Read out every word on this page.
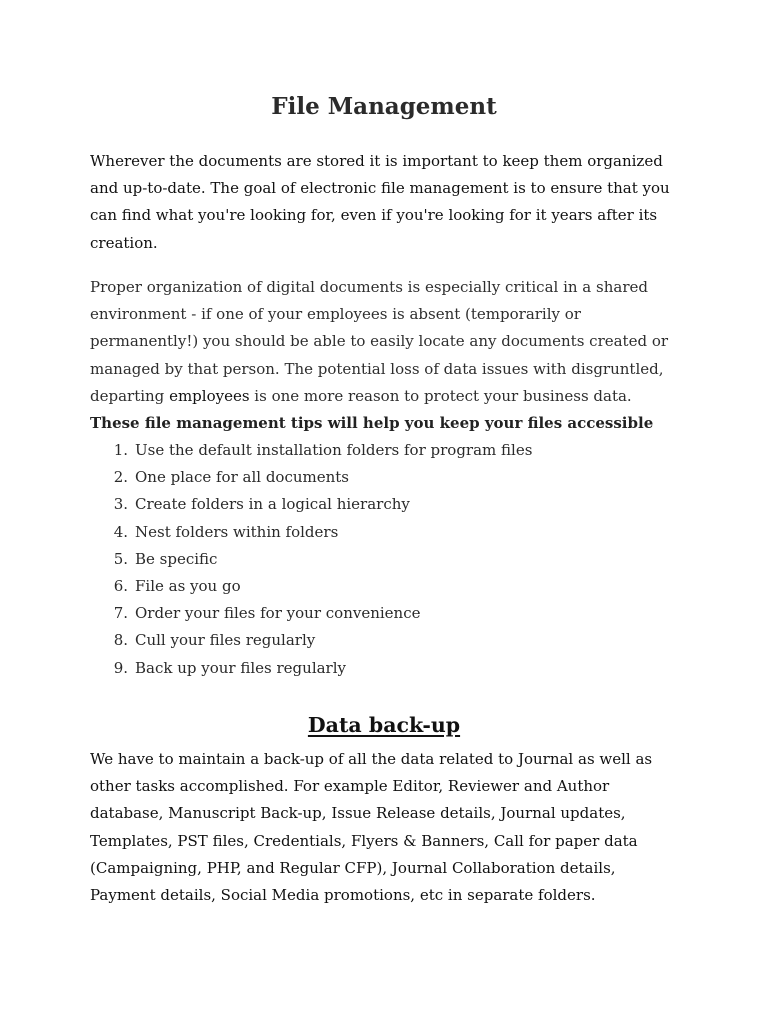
File Management

Wherever the documents are stored it is important to keep them organized
and up-to-date. The goal of electronic file management is to ensure that you
can find what you're looking for, even if you're looking for it years after its
creation.

Proper organization of digital documents is especially critical in a shared
environment - if one of your employees is absent (temporarily or
permanently!) you should be able to easily locate any documents created or
managed by that person. The potential loss of data issues with disgruntled,
departing employees is one more reason to protect your business data.

These file management tips will help you keep your files accessible

1. Use the default installation folders for program files
2. One place for all documents
3. Create folders in a logical hierarchy
4. Nest folders within folders
5. Be specific
6. File as you go
7. Order your files for your convenience
8. Cull your files regularly
9. Back up your files regularly
Data back-up

We have to maintain a back-up of all the data related to Journal as well as
other tasks accomplished. For example Editor, Reviewer and Author
database, Manuscript Back-up, Issue Release details, Journal updates,
Templates, PST files, Credentials, Flyers & Banners, Call for paper data
(Campaigning, PHP, and Regular CFP), Journal Collaboration details,
Payment details, Social Media promotions, etc in separate folders.
